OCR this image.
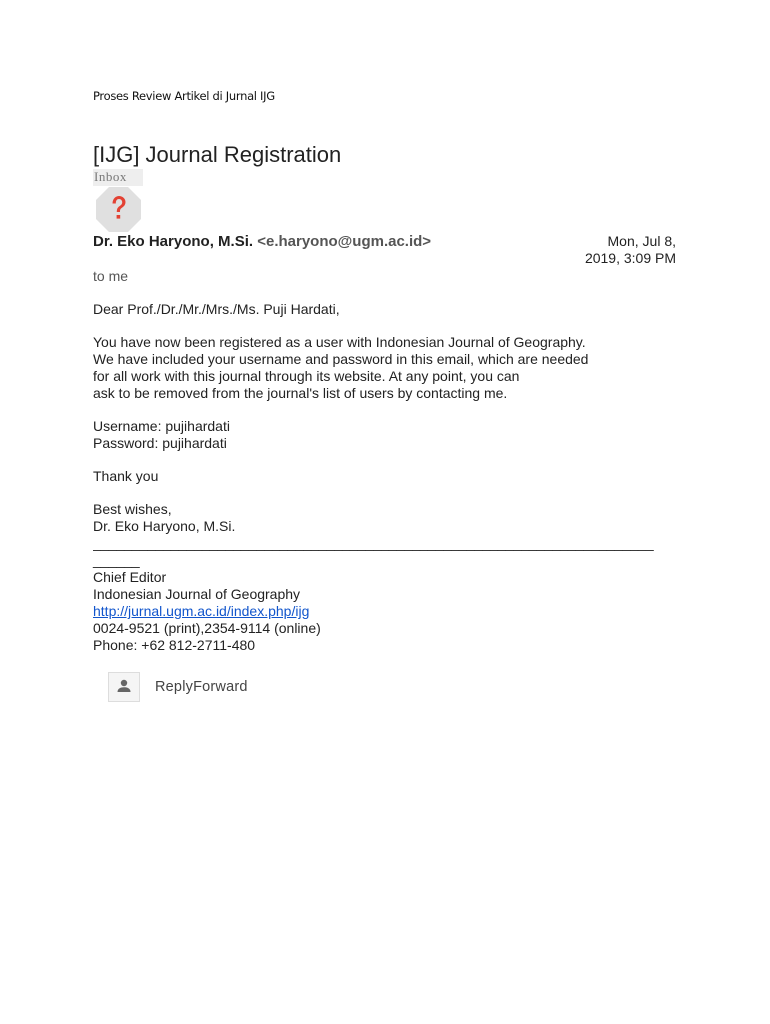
Proses Review Artikel di Jurnal IJG
[IJG] Journal Registration
Inbox
Dr. Eko Haryono, M.Si. <e.haryono@ugm.ac.id>	Mon, Jul 8,
2019, 3:09 PM
to me

Dear Prof./Dr./Mr./Mrs./Ms. Puji Hardati,

You have now been registered as a user with Indonesian Journal of Geography.
We have included your username and password in this email, which are needed
for all work with this journal through its website. At any point, you can
ask to be removed from the journal's list of users by contacting me.

Username: pujihardati
Password: pujihardati

Thank you

Best wishes,
Dr. Eko Haryono, M.Si.
________________________________________________________________________
______
Chief Editor
Indonesian Journal of Geography
http://jurnal.ugm.ac.id/index.php/ijg
0024-9521 (print),2354-9114 (online)
Phone: +62 812-2711-480

ReplyForward
